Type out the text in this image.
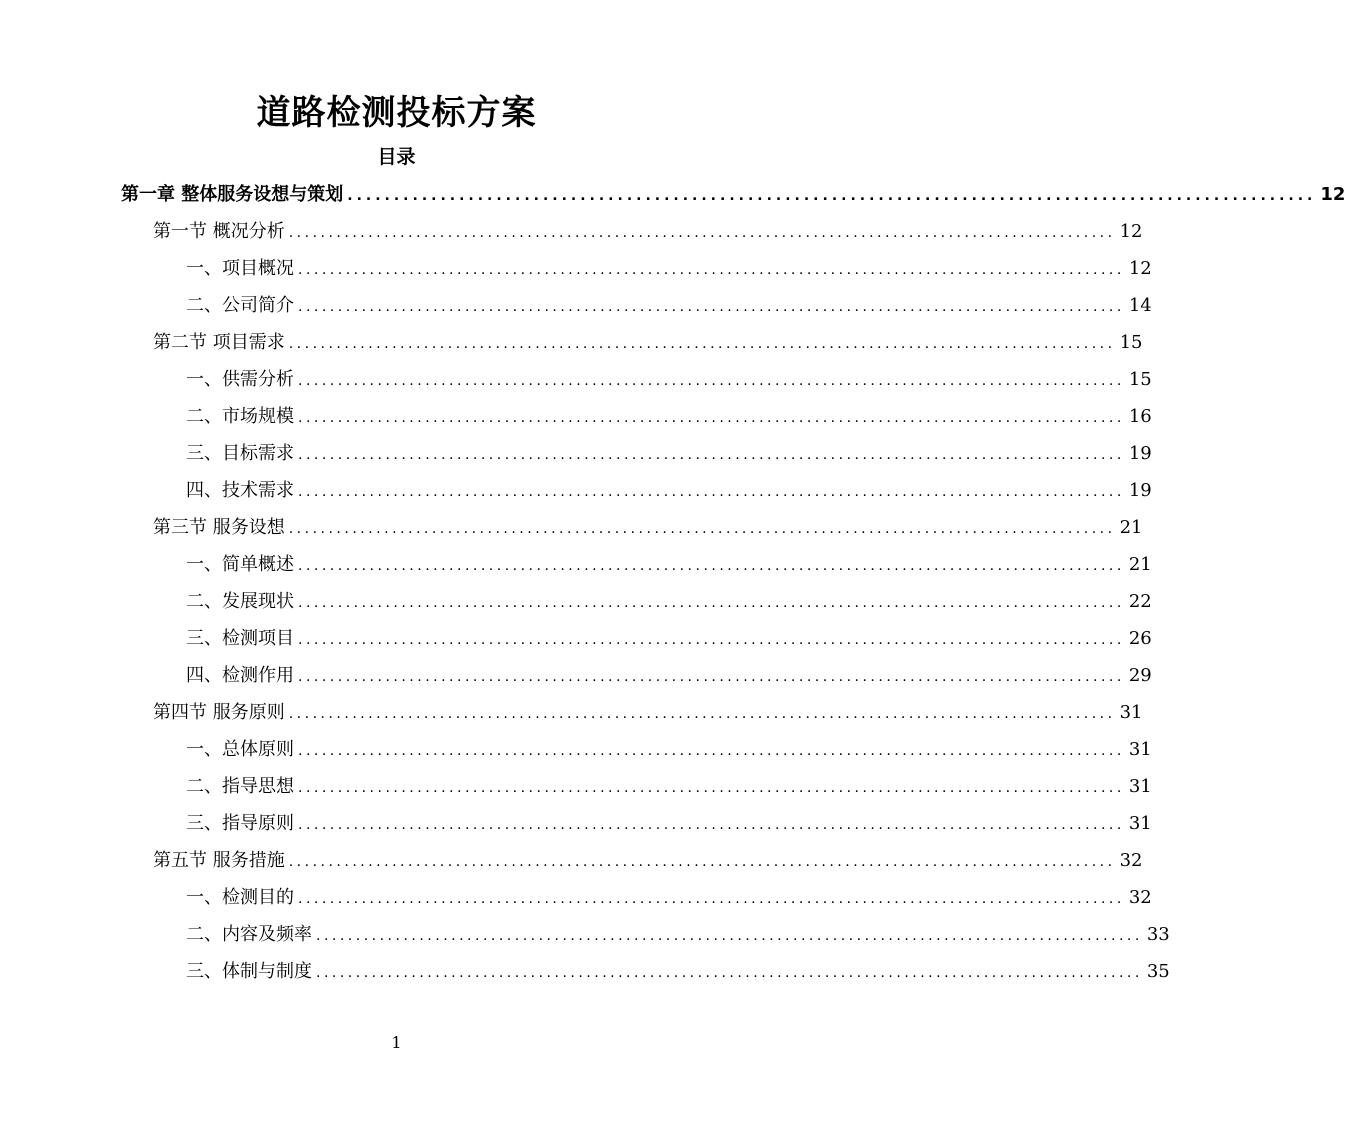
道路检测投标方案
目录
第一章 整体服务设想与策划 ........................................................................................................ 12
第一节 概况分析 ........................................................................................................ 12
一、项目概况 ........................................................................................................ 12
二、公司简介 ........................................................................................................ 14
第二节 项目需求 ........................................................................................................ 15
一、供需分析 ........................................................................................................ 15
二、市场规模 ........................................................................................................ 16
三、目标需求 ........................................................................................................ 19
四、技术需求 ........................................................................................................ 19
第三节 服务设想 ........................................................................................................ 21
一、简单概述 ........................................................................................................ 21
二、发展现状 ........................................................................................................ 22
三、检测项目 ........................................................................................................ 26
四、检测作用 ........................................................................................................ 29
第四节 服务原则 ........................................................................................................ 31
一、总体原则 ........................................................................................................ 31
二、指导思想 ........................................................................................................ 31
三、指导原则 ........................................................................................................ 31
第五节 服务措施 ........................................................................................................ 32
一、检测目的 ........................................................................................................ 32
二、内容及频率 ........................................................................................................ 33
三、体制与制度 ........................................................................................................ 35
1
